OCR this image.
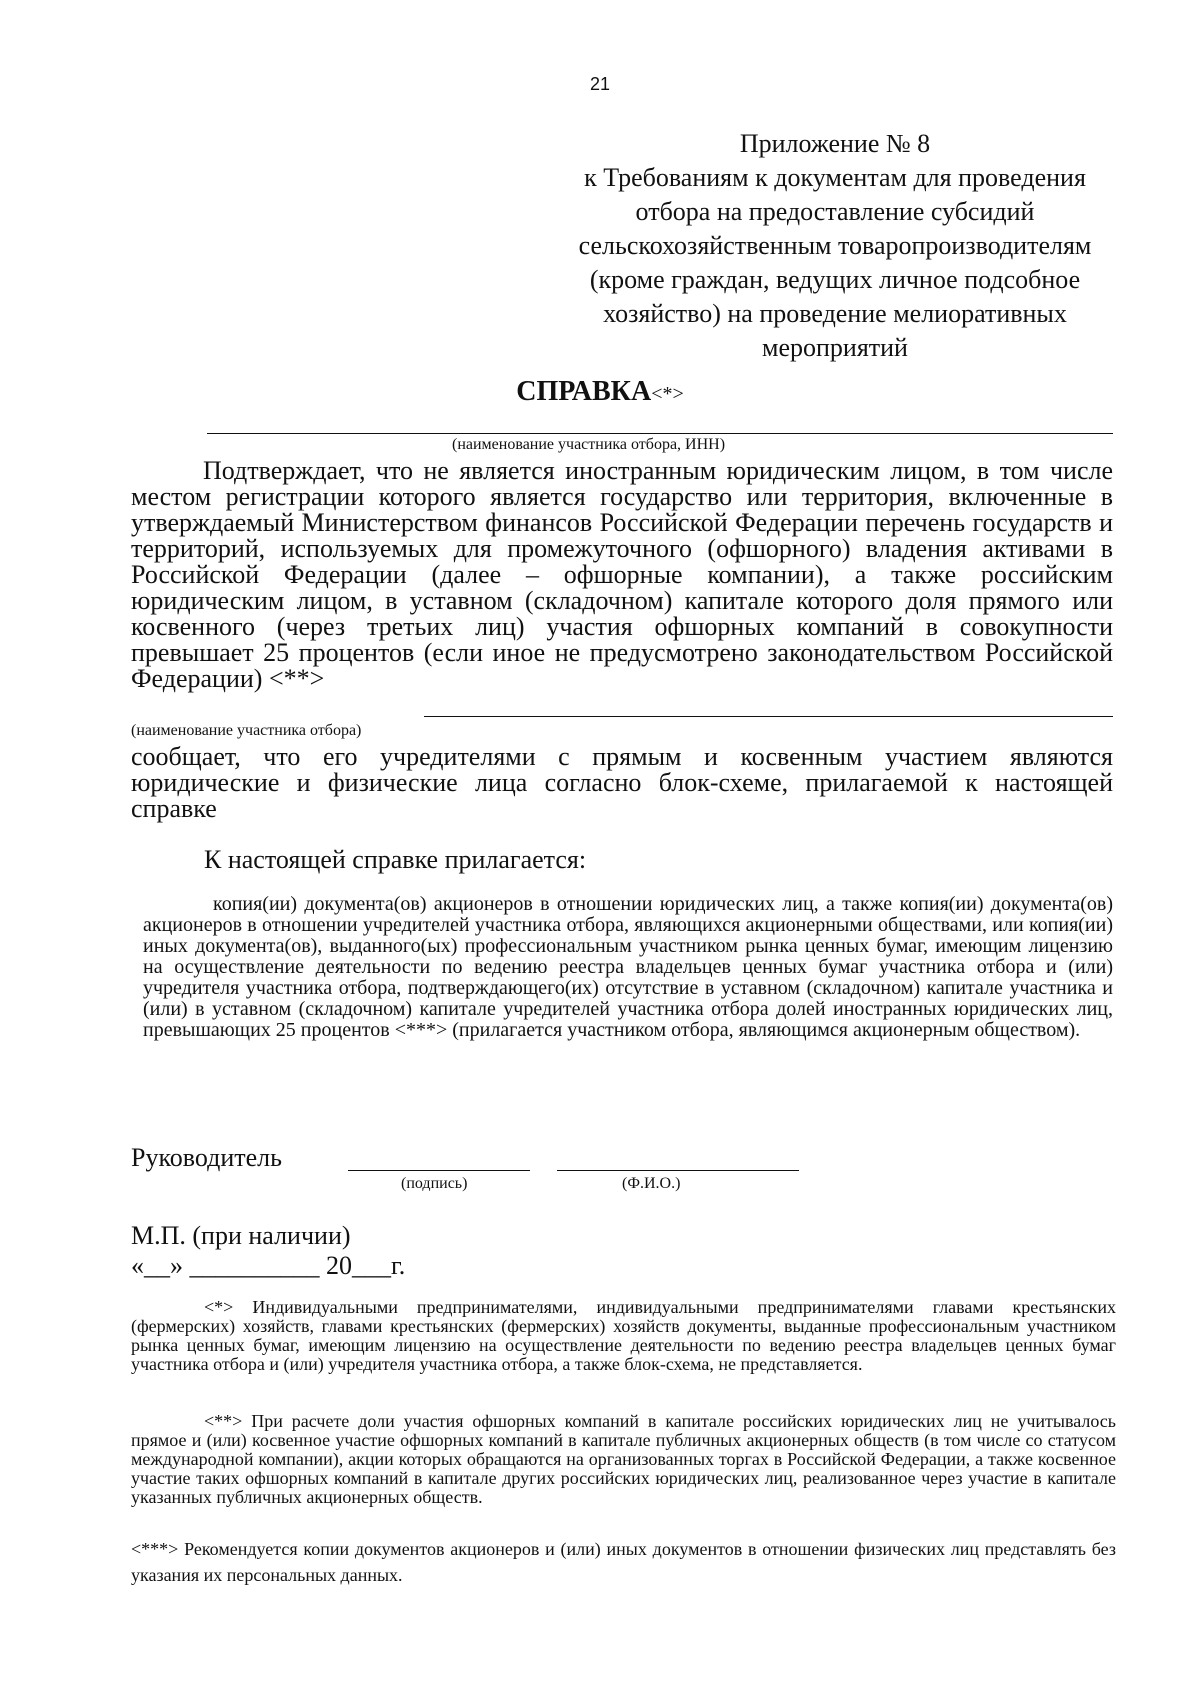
21
Приложение № 8
к Требованиям к документам для проведения
отбора на предоставление субсидий
сельскохозяйственным товаропроизводителям
(кроме граждан, ведущих личное подсобное
хозяйство) на проведение мелиоративных
мероприятий
СПРАВКА<*>
(наименование участника отбора, ИНН)
Подтверждает, что не является иностранным юридическим лицом, в том числе местом регистрации которого является государство или территория, включенные в утверждаемый Министерством финансов Российской Федерации перечень государств и территорий, используемых для промежуточного (офшорного) владения активами в Российской Федерации (далее – офшорные компании), а также российским юридическим лицом, в уставном (складочном) капитале которого доля прямого или косвенного (через третьих лиц) участия офшорных компаний в совокупности превышает 25 процентов (если иное не предусмотрено законодательством Российской Федерации) <**>
(наименование участника отбора)
сообщает, что его учредителями с прямым и косвенным участием являются юридические и физические лица согласно блок-схеме, прилагаемой к настоящей справке
К настоящей справке прилагается:
копия(ии) документа(ов) акционеров в отношении юридических лиц, а также копия(ии) документа(ов) акционеров в отношении учредителей участника отбора, являющихся акционерными обществами, или копия(ии) иных документа(ов), выданного(ых) профессиональным участником рынка ценных бумаг, имеющим лицензию на осуществление деятельности по ведению реестра владельцев ценных бумаг участника отбора и (или) учредителя участника отбора, подтверждающего(их) отсутствие в уставном (складочном) капитале участника и (или) в уставном (складочном) капитале учредителей участника отбора долей иностранных юридических лиц, превышающих 25 процентов <***> (прилагается участником отбора, являющимся акционерным обществом).
Руководитель
(подпись)	(Ф.И.О.)
М.П. (при наличии)
«__» __________ 20___г.
<*> Индивидуальными предпринимателями, индивидуальными предпринимателями главами крестьянских (фермерских) хозяйств, главами крестьянских (фермерских) хозяйств документы, выданные профессиональным участником рынка ценных бумаг, имеющим лицензию на осуществление деятельности по ведению реестра владельцев ценных бумаг участника отбора и (или) учредителя участника отбора, а также блок-схема, не представляется.
<**> При расчете доли участия офшорных компаний в капитале российских юридических лиц не учитывалось прямое и (или) косвенное участие офшорных компаний в капитале публичных акционерных обществ (в том числе со статусом международной компании), акции которых обращаются на организованных торгах в Российской Федерации, а также косвенное участие таких офшорных компаний в капитале других российских юридических лиц, реализованное через участие в капитале указанных публичных акционерных обществ.
<***> Рекомендуется копии документов акционеров и (или) иных документов в отношении физических лиц представлять без указания их персональных данных.
